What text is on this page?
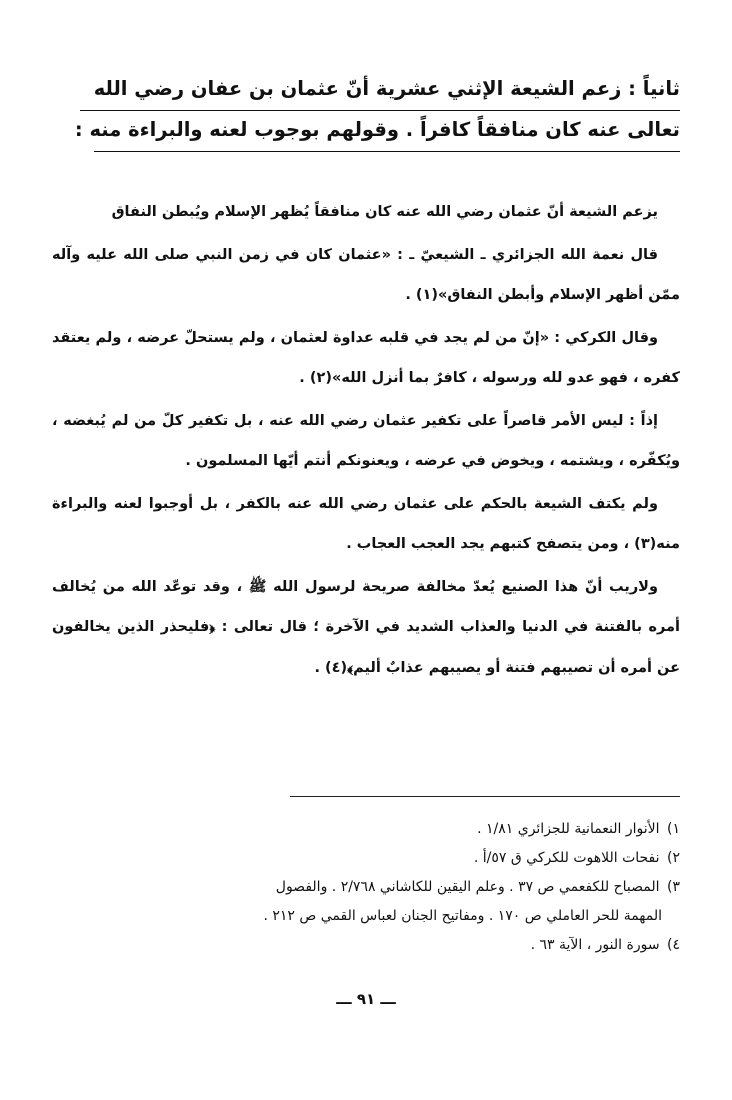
ثانياً : زعم الشيعة الإثني عشرية أنّ عثمان بن عفان رضي الله
تعالى عنه كان منافقاً كافراً . وقولهم بوجوب لعنه والبراءة منه :

يزعم الشيعة أنّ عثمان رضي الله عنه كان منافقاً يُظهر الإسلام ويُبطن النفاق

قال نعمة الله الجزائري ـ الشيعيّ ـ : «عثمان كان في زمن النبي صلى الله عليه وآله ممّن أظهر الإسلام وأبطن النفاق»(١) .

وقال الكركي : «إنّ من لم يجد في قلبه عداوة لعثمان ، ولم يستحلّ عرضه ، ولم يعتقد كفره ، فهو عدو لله ورسوله ، كافرٌ بما أنزل الله»(٢) .

إذاً : ليس الأمر قاصراً على تكفير عثمان رضي الله عنه ، بل تكفير كلّ من لم يُبغضه ، ويُكفّره ، ويشتمه ، ويخوض في عرضه ، ويعنونكم أنتم أيّها المسلمون .

ولم يكتف الشيعة بالحكم على عثمان رضي الله عنه بالكفر ، بل أوجبوا لعنه والبراءة منه(٣) ، ومن يتصفح كتبهم يجد العجب العجاب .

ولاريب أنّ هذا الصنيع يُعدّ مخالفة صريحة لرسول الله ﷺ ، وقد توعّد الله من يُخالف أمره بالفتنة في الدنيا والعذاب الشديد في الآخرة ؛ قال تعالى : ﴿فليحذر الذين يخالفون عن أمره أن تصيبهم فتنة أو يصيبهم عذابٌ أليم﴾(٤) .

١) الأنوار النعمانية للجزائري ١/٨١ .

٢) نفحات اللاهوت للكركي ق ٥٧/أ .

٣) المصباح للكفعمي ص ٣٧ . وعلم اليقين للكاشاني ٢/٧٦٨ . والفصول
المهمة للحر العاملي ص ١٧٠ . ومفاتيح الجنان لعباس القمي ص ٢١٢ .

٤) سورة النور ، الآية ٦٣ .

ـــ ٩١ ـــ
